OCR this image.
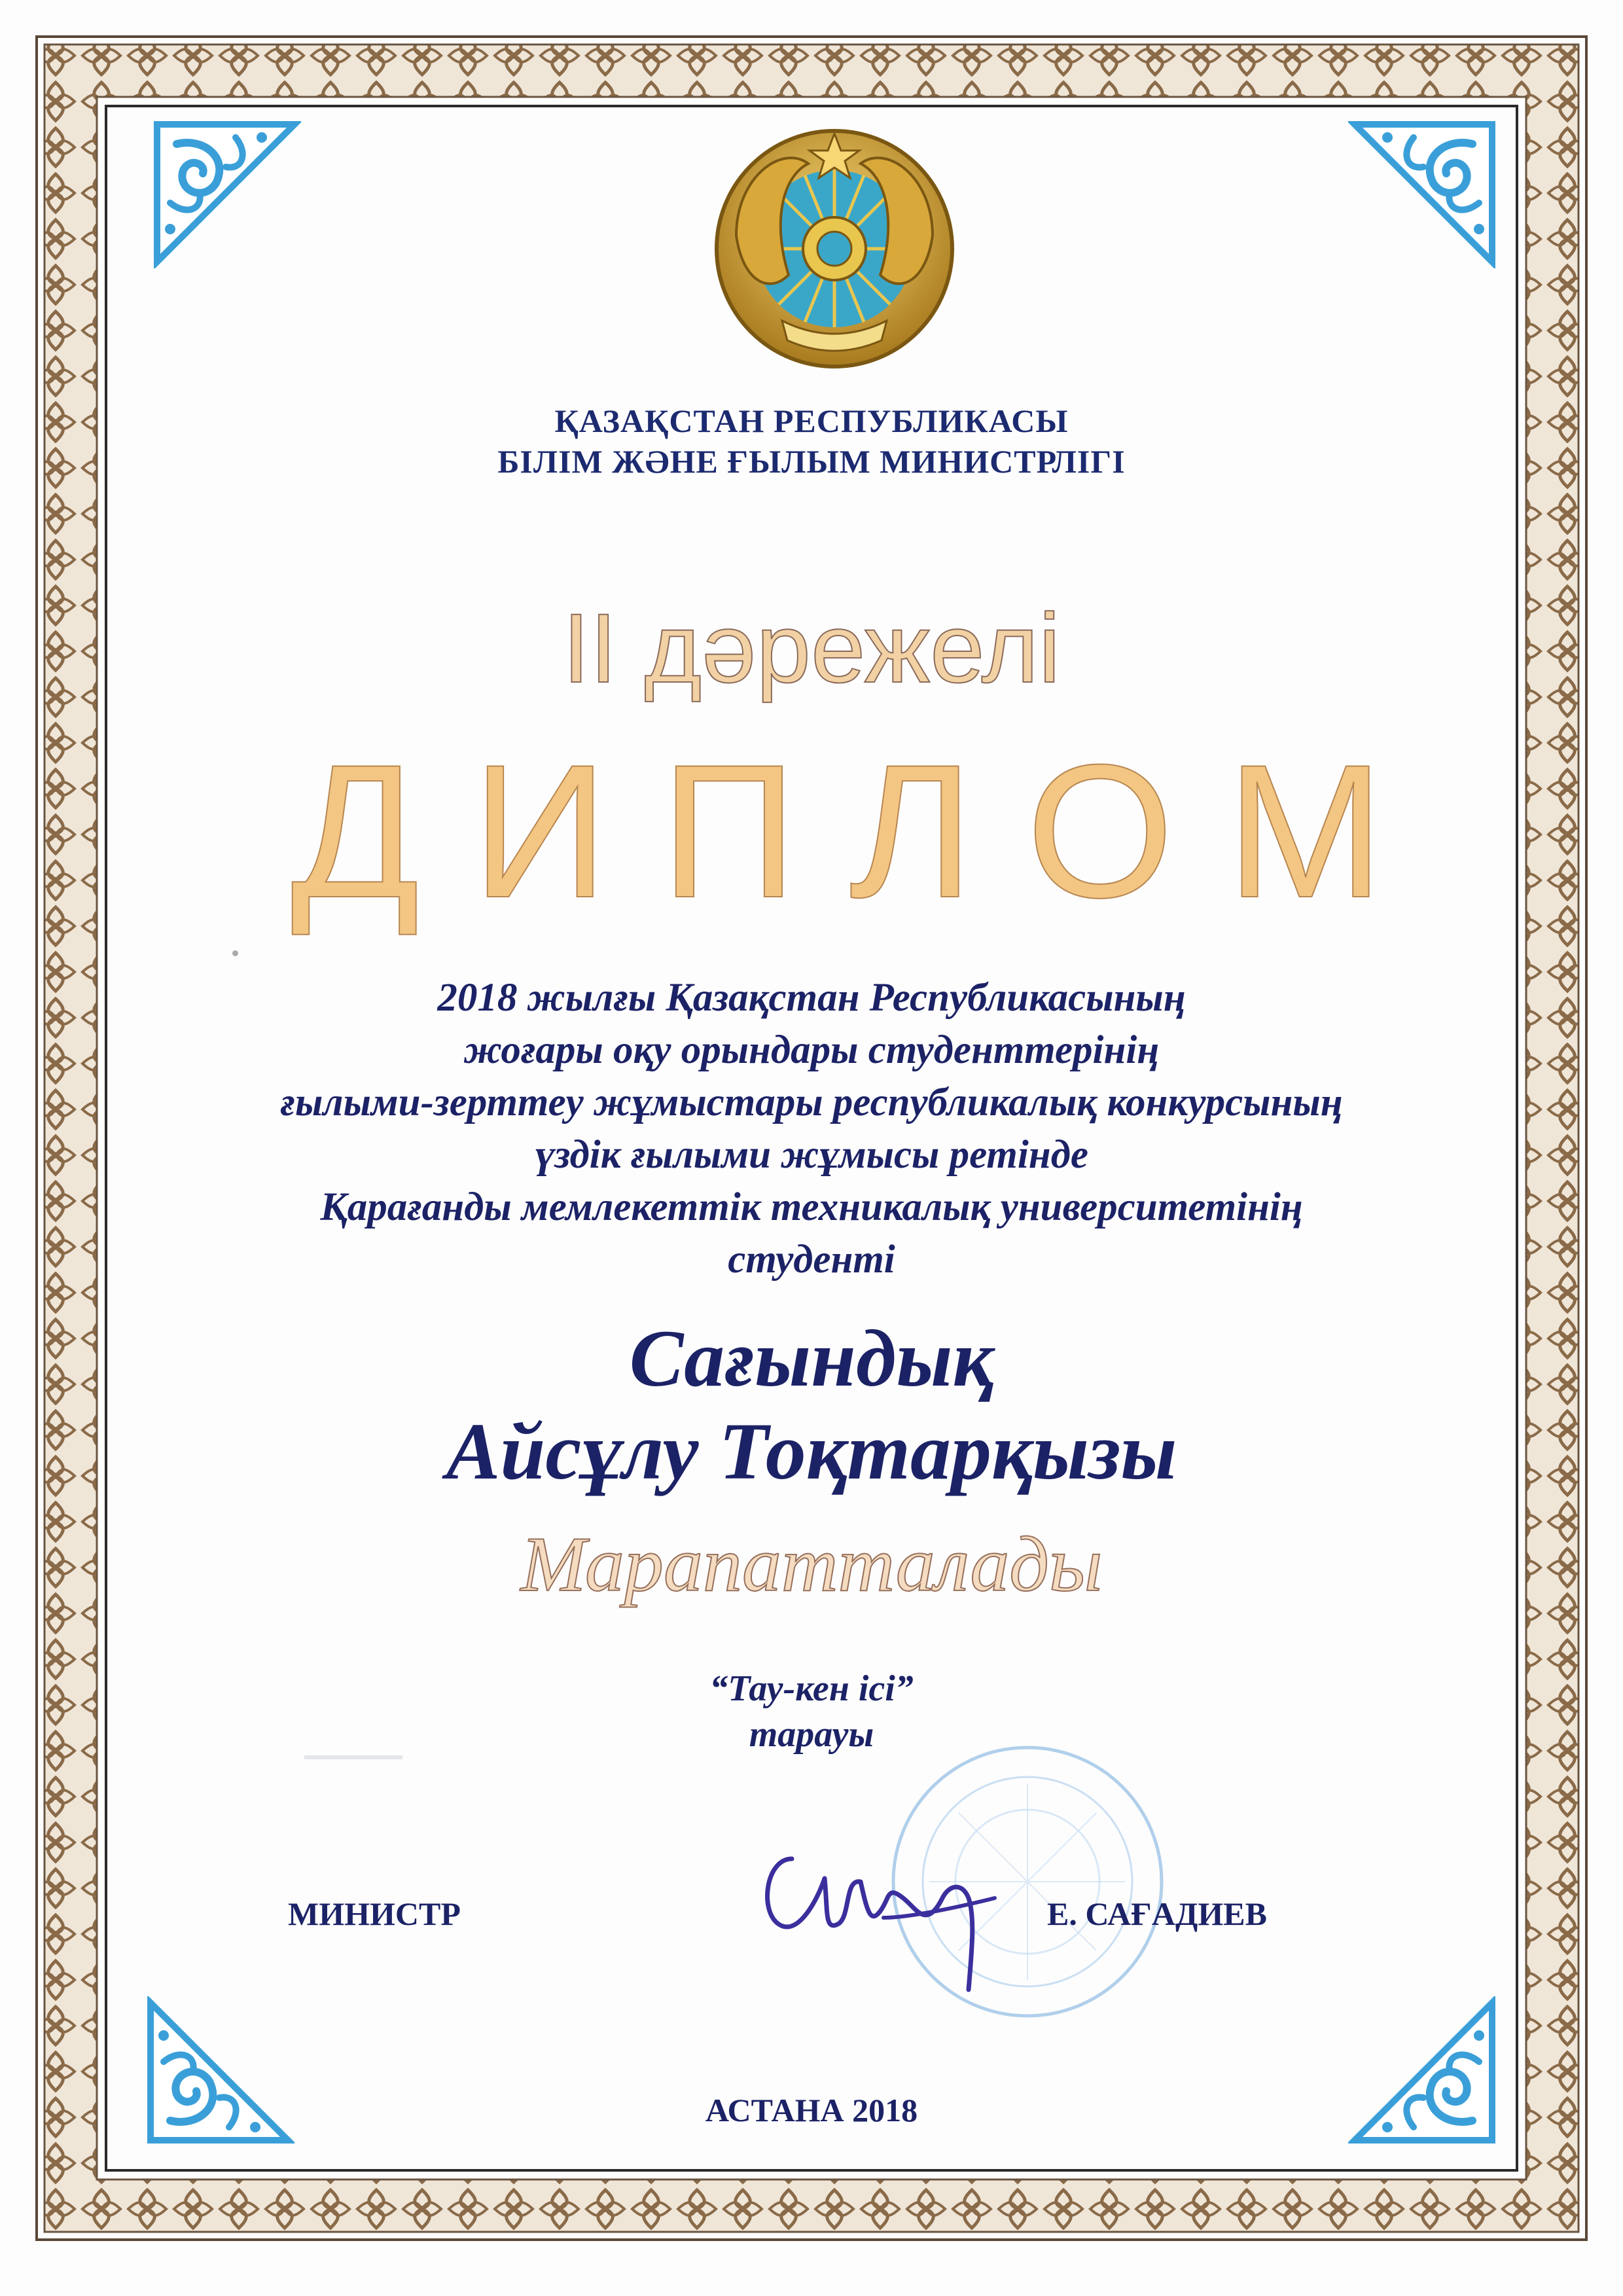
ҚАЗАҚСТАН РЕСПУБЛИКАСЫ
БІЛІМ ЖӘНЕ ҒЫЛЫМ МИНИСТРЛІГІ
II дәрежелі
ДИПЛОМ
2018 жылғы Қазақстан Республикасының
жоғары оқу орындары студенттерінің
ғылыми-зерттеу жұмыстары республикалық конкурсының
үздік ғылыми жұмысы ретінде
Қарағанды мемлекеттік техникалық университетінің
студенті
Сағындық
Айсұлу Тоқтарқызы
Марапатталады
“Тау-кен ісі”
тарауы
МИНИСТР	Е. САҒАДИЕВ
АСТАНА 2018
